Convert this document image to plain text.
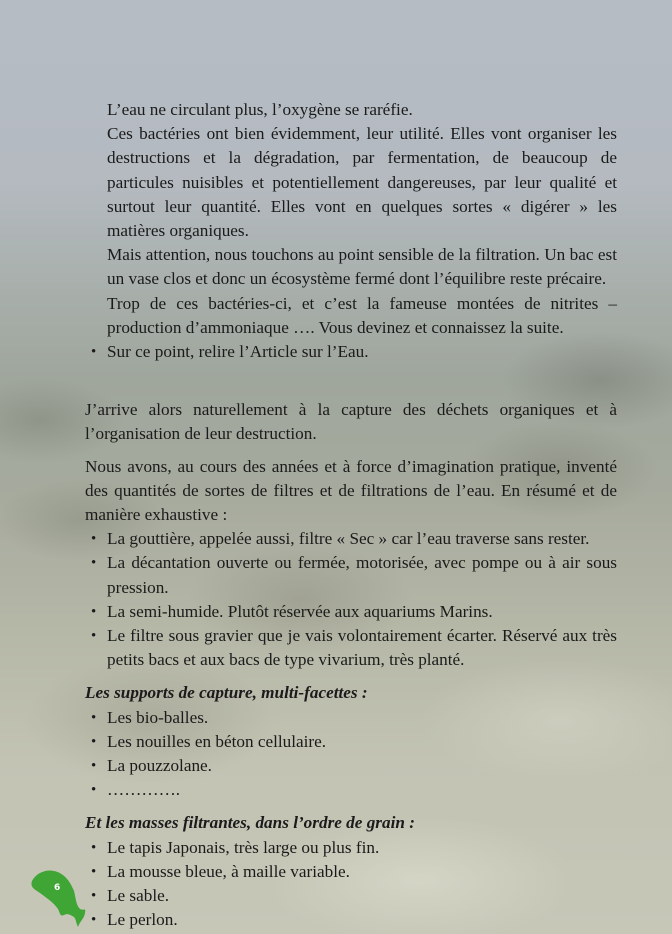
L’eau ne circulant plus, l’oxygène se raréfie.

Ces bactéries ont bien évidemment, leur utilité. Elles vont organiser les destructions et la dégradation, par fermentation, de beaucoup de particules nuisibles et potentiellement dangereuses, par leur qualité et surtout leur quantité. Elles vont en quelques sortes « digérer » les matières organiques.

Mais attention, nous touchons au point sensible de la filtration. Un bac est un vase clos et donc un écosystème fermé dont l’équilibre reste précaire.

Trop de ces bactéries-ci, et c’est la fameuse montées de nitrites – production d’ammoniaque …. Vous devinez et connaissez la suite.

• Sur ce point, relire l’Article sur l’Eau.

J’arrive alors naturellement à la capture des déchets organiques et à l’organisation de leur destruction.

Nous avons, au cours des années et à force d’imagination pratique, inventé des quantités de sortes de filtres et de filtrations de l’eau. En résumé et de manière exhaustive :

• La gouttière, appelée aussi, filtre « Sec » car l’eau traverse sans rester.
• La décantation ouverte ou fermée, motorisée, avec pompe ou à air sous pression.
• La semi-humide. Plutôt réservée aux aquariums Marins.
• Le filtre sous gravier que je vais volontairement écarter. Réservé aux très petits bacs et aux bacs de type vivarium, très planté.

Les supports de capture, multi-facettes :

• Les bio-balles.
• Les nouilles en béton cellulaire.
• La pouzzolane.
• ………….

Et les masses filtrantes, dans l’ordre de grain :

• Le tapis Japonais, très large ou plus fin.
• La mousse bleue, à maille variable.
• Le sable.
• Le perlon.
6
